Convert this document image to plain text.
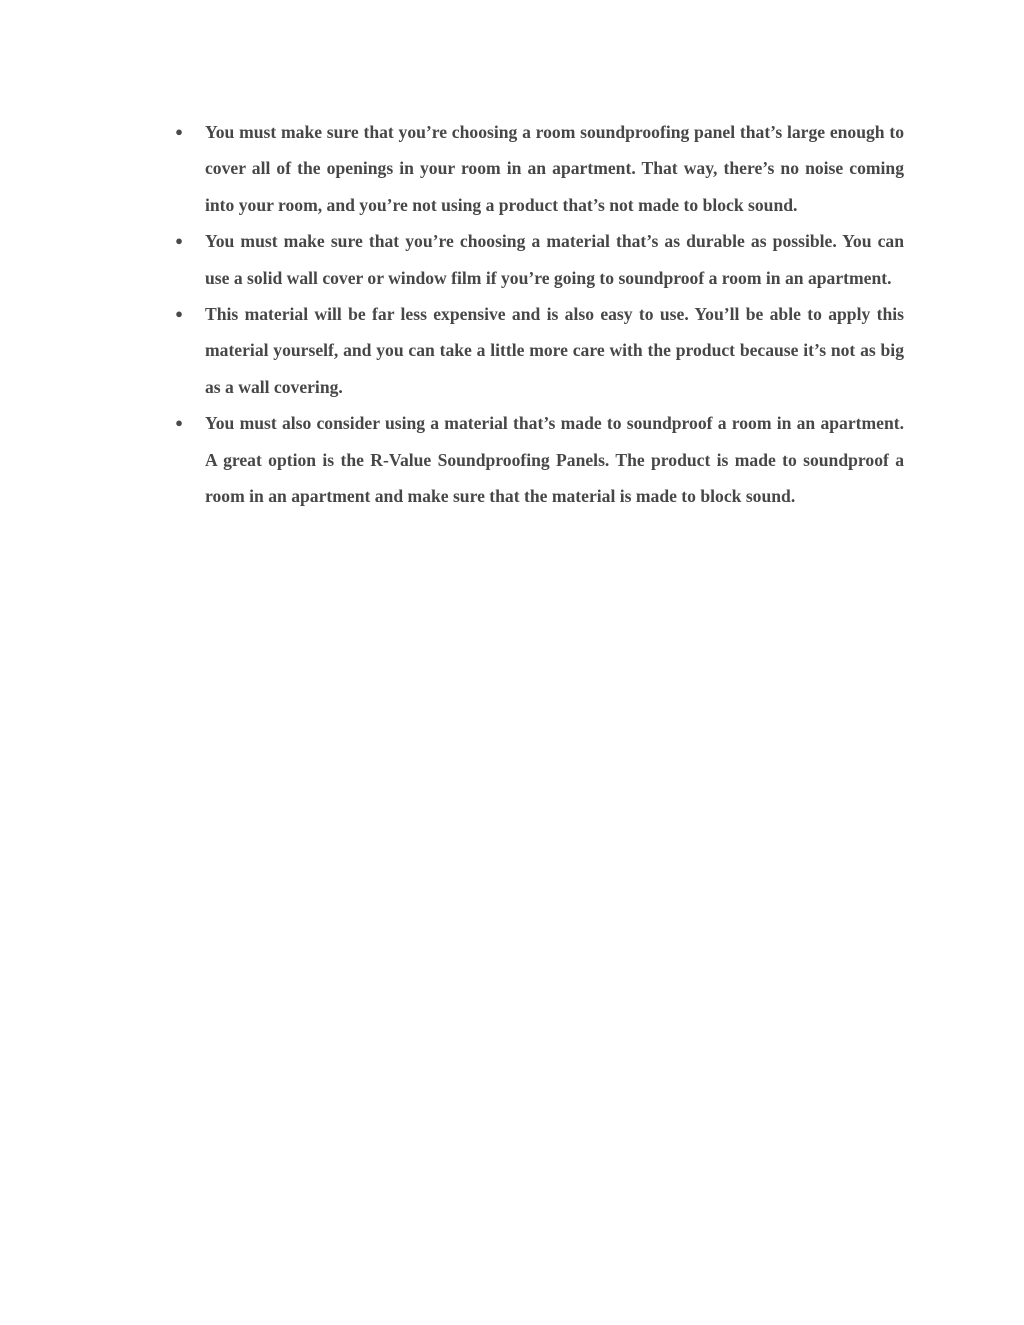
●	You must make sure that you’re choosing a room soundproofing panel that’s large enough to cover all of the openings in your room in an apartment. That way, there’s no noise coming into your room, and you’re not using a product that’s not made to block sound.
●	You must make sure that you’re choosing a material that’s as durable as possible. You can use a solid wall cover or window film if you’re going to soundproof a room in an apartment.
●	This material will be far less expensive and is also easy to use. You’ll be able to apply this material yourself, and you can take a little more care with the product because it’s not as big as a wall covering.
●	You must also consider using a material that’s made to soundproof a room in an apartment. A great option is the R-Value Soundproofing Panels. The product is made to soundproof a room in an apartment and make sure that the material is made to block sound.
